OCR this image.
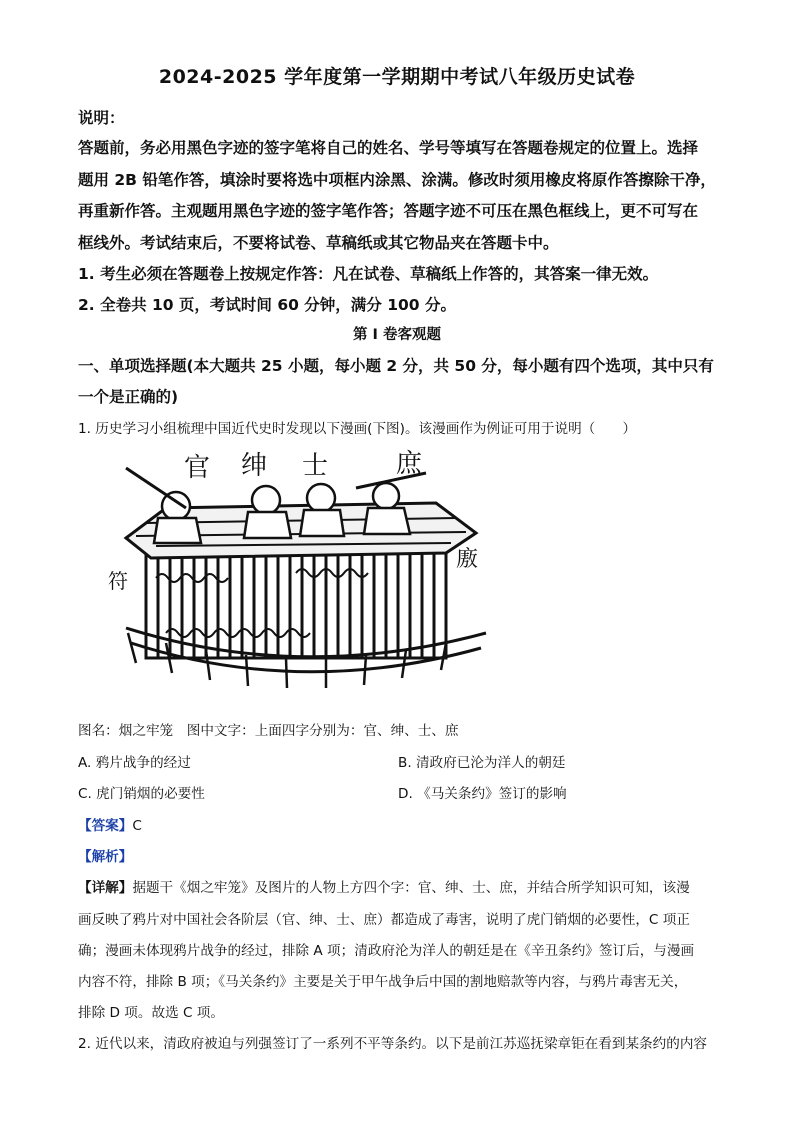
2024-2025 学年度第一学期期中考试八年级历史试卷
说明：
答题前，务必用黑色字迹的签字笔将自己的姓名、学号等填写在答题卷规定的位置上。选择
题用 2B 铅笔作答，填涂时要将选中项框内涂黑、涂满。修改时须用橡皮将原作答擦除干净，
再重新作答。主观题用黑色字迹的签字笔作答；答题字迹不可压在黑色框线上，更不可写在
框线外。考试结束后，不要将试卷、草稿纸或其它物品夹在答题卡中。
1. 考生必须在答题卷上按规定作答：凡在试卷、草稿纸上作答的，其答案一律无效。
2. 全卷共 10 页，考试时间 60 分钟，满分 100 分。
第 I 卷客观题
一、单项选择题(本大题共 25 小题，每小题 2 分，共 50 分，每小题有四个选项，其中只有
一个是正确的)
1. 历史学习小组梳理中国近代史时发现以下漫画(下图)。该漫画作为例证可用于说明（　　）
官 绅 士	庶
符
廒
图名：烟之牢笼　图中文字：上面四字分别为：官、绅、士、庶
A. 鸦片战争的经过	B. 清政府已沦为洋人的朝廷
C. 虎门销烟的必要性	D. 《马关条约》签订的影响
【答案】C
【解析】
【详解】据题干《烟之牢笼》及图片的人物上方四个字：官、绅、士、庶，并结合所学知识可知，该漫
画反映了鸦片对中国社会各阶层（官、绅、士、庶）都造成了毒害，说明了虎门销烟的必要性，C 项正
确；漫画未体现鸦片战争的经过，排除 A 项；清政府沦为洋人的朝廷是在《辛丑条约》签订后，与漫画
内容不符，排除 B 项；《马关条约》主要是关于甲午战争后中国的割地赔款等内容，与鸦片毒害无关，
排除 D 项。故选 C 项。
2. 近代以来，清政府被迫与列强签订了一系列不平等条约。以下是前江苏巡抚梁章钜在看到某条约的内容
